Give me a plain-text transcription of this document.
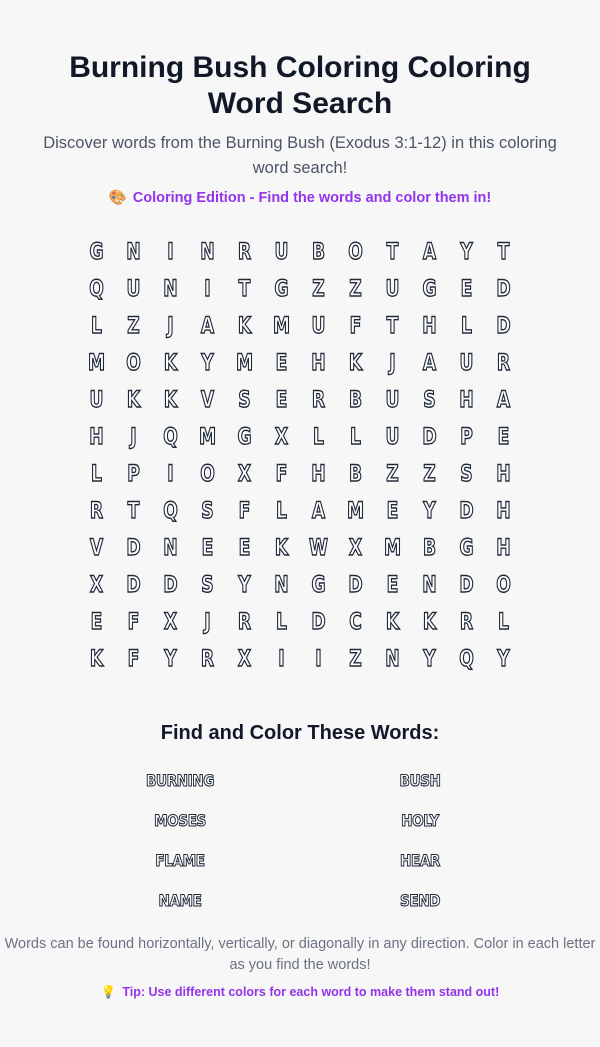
Burning Bush Coloring Coloring Word Search

Discover words from the Burning Bush (Exodus 3:1-12) in this coloring word search!

🎨 Coloring Edition - Find the words and color them in!

G	N	I	N	R	U	B	O	T	A	Y	T
Q	U	N	I	T	G	Z	Z	U	G	E	D
L	Z	J	A	K M U	F	T	H	L	D
M O	K	Y	M	E	H	K	J	A	U	R
U	K	K	V	S	E	R	B	U	S	H	A
H	J	Q M G	X	L	L	U	D	P	E
L	P	I	O	X	F	H	B	Z	Z	S	H
R	T	Q	S	F	L	A M	E	Y	D	H
V	D	N	E	E	K W X M B	G	H
X	D	D	S	Y	N	G	D	E	N	D	O
E	F	X	J	R	L	D	C	K	K	R	L
K	F	Y	R	X	I	I	Z	N	Y	Q	Y
Find and Color These Words:
BURNING	BUSH
MOSES	HOLY
FLAME	HEAR
NAME	SEND

Words can be found horizontally, vertically, or diagonally in any direction. Color in each letter as you find the words!

💡 Tip: Use different colors for each word to make them stand out!
